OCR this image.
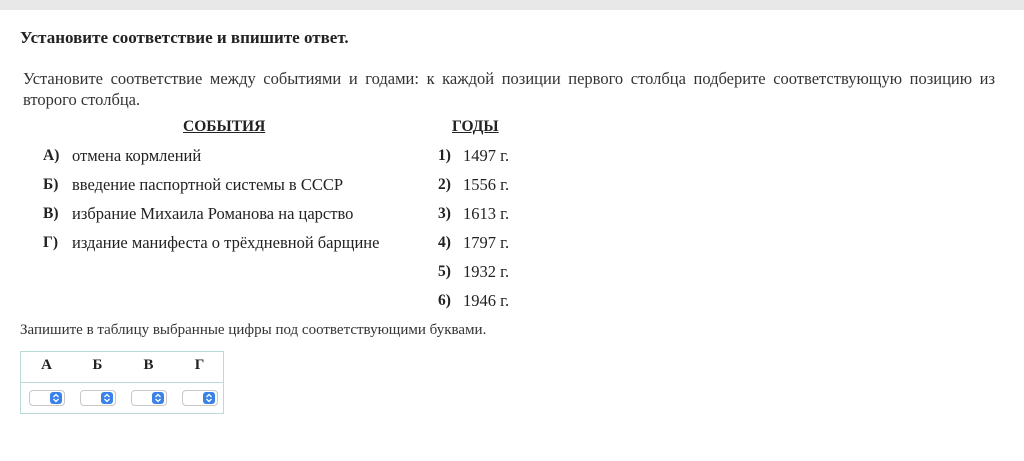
Установите соответствие и впишите ответ.
Установите соответствие между событиями и годами: к каждой позиции первого столбца подберите соответствующую позицию из второго столбца.
СОБЫТИЯ	ГОДЫ
А) отмена кормлений
Б) введение паспортной системы в СССР
В) избрание Михаила Романова на царство
Г) издание манифеста о трёхдневной барщине
1) 1497 г.
2) 1556 г.
3) 1613 г.
4) 1797 г.
5) 1932 г.
6) 1946 г.
Запишите в таблицу выбранные цифры под соответствующими буквами.
А	Б	В	Г
